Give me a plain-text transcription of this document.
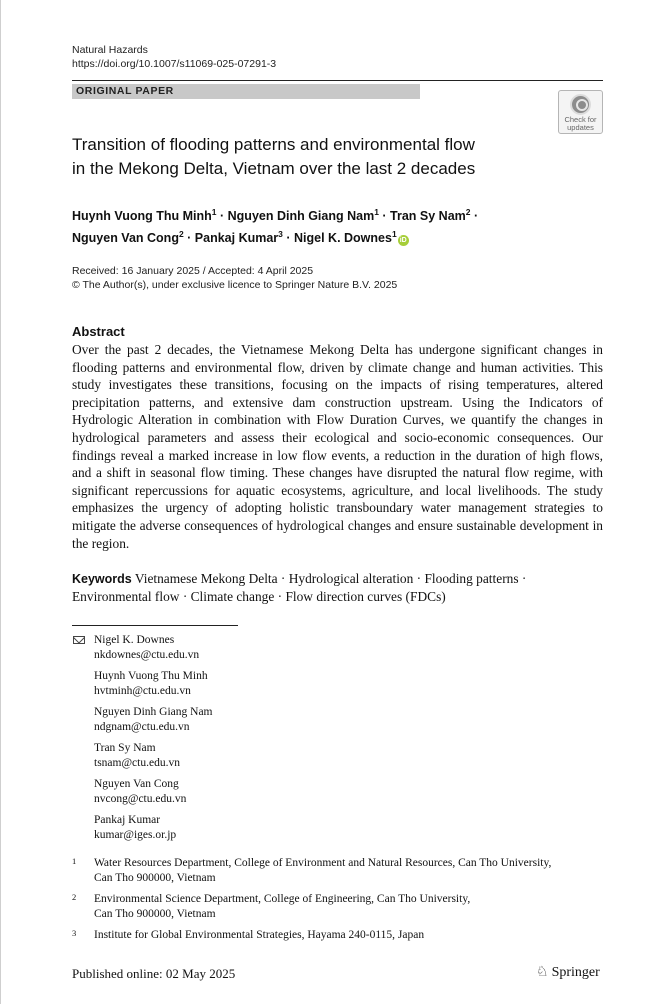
Natural Hazards
https://doi.org/10.1007/s11069-025-07291-3
ORIGINAL PAPER
Check for
updates
Transition of flooding patterns and environmental flow
in the Mekong Delta, Vietnam over the last 2 decades
Huynh Vuong Thu Minh$^1$ · Nguyen Dinh Giang Nam$^1$ · Tran Sy Nam$^2$ ·
Nguyen Van Cong$^2$ · Pankaj Kumar$^3$ · Nigel K. Downes$^1$iD
Received: 16 January 2025 / Accepted: 4 April 2025
© The Author(s), under exclusive licence to Springer Nature B.V. 2025
Abstract
Over the past 2 decades, the Vietnamese Mekong Delta has undergone significant changes in flooding patterns and environmental flow, driven by climate change and human activities. This study investigates these transitions, focusing on the impacts of rising temperatures, altered precipitation patterns, and extensive dam construction upstream. Using the Indicators of Hydrologic Alteration in combination with Flow Duration Curves, we quantify the changes in hydrological parameters and assess their ecological and socio-economic consequences. Our findings reveal a marked increase in low flow events, a reduction in the duration of high flows, and a shift in seasonal flow timing. These changes have disrupted the natural flow regime, with significant repercussions for aquatic ecosystems, agriculture, and local livelihoods. The study emphasizes the urgency of adopting holistic transboundary water management strategies to mitigate the adverse consequences of hydrological changes and ensure sustainable development in the region.
Keywords Vietnamese Mekong Delta · Hydrological alteration · Flooding patterns · Environmental flow · Climate change · Flow direction curves (FDCs)
Nigel K. Downes
nkdownes@ctu.edu.vn
Huynh Vuong Thu Minh
hvtminh@ctu.edu.vn
Nguyen Dinh Giang Nam
ndgnam@ctu.edu.vn
Tran Sy Nam
tsnam@ctu.edu.vn
Nguyen Van Cong
nvcong@ctu.edu.vn
Pankaj Kumar
kumar@iges.or.jp
1 Water Resources Department, College of Environment and Natural Resources, Can Tho University,
Can Tho 900000, Vietnam
2 Environmental Science Department, College of Engineering, Can Tho University,
Can Tho 900000, Vietnam
3 Institute for Global Environmental Strategies, Hayama 240-0115, Japan
Published online: 02 May 2025	♘ Springer
